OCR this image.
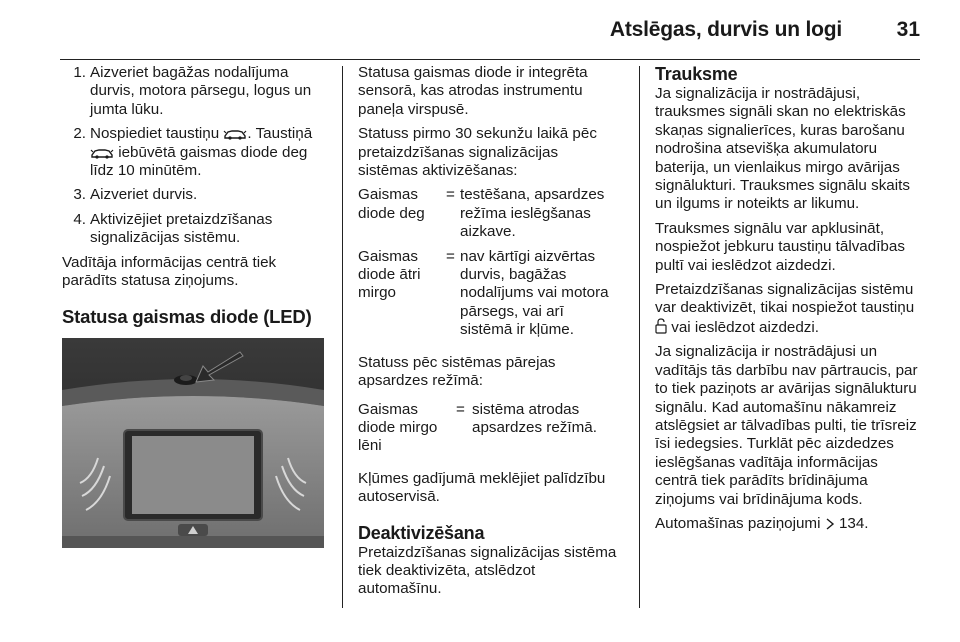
Atslēgas, durvis un logi	31
1. Aizveriet bagāžas nodalījuma durvis, motora pārsegu, logus un jumta lūku.
2. Nospiediet taustiņu . Taustiņā  iebūvētā gaismas diode deg līdz 10 minūtēm.
3. Aizveriet durvis.
4. Aktivizējiet pretaizdzīšanas signalizācijas sistēmu.

Vadītāja informācijas centrā tiek parādīts statusa ziņojums.

Statusa gaismas diode (LED)

Statusa gaismas diode ir integrēta sensorā, kas atrodas instrumentu paneļa virspusē.

Statuss pirmo 30 sekunžu laikā pēc pretaizdzīšanas signalizācijas sistēmas aktivizēšanas:

Gaismas diode deg
= testēšana, apsardzes režīma ieslēgšanas aizkave.
Gaismas diode ātri mirgo
= nav kārtīgi aizvērtas durvis, bagāžas nodalījums vai motora pārsegs, vai arī sistēmā ir kļūme.

Statuss pēc sistēmas pārejas apsardzes režīmā:

Gaismas diode mirgo lēni
= sistēma atrodas apsardzes režīmā.

Kļūmes gadījumā meklējiet palīdzību autoservisā.

Deaktivizēšana

Pretaizdzīšanas signalizācijas sistēma tiek deaktivizēta, atslēdzot automašīnu.

Trauksme

Ja signalizācija ir nostrādājusi, trauksmes signāli skan no elektriskās skaņas signalierīces, kuras barošanu nodrošina atsevišķa akumulatoru baterija, un vienlaikus mirgo avārijas signālukturi. Trauksmes signālu skaits un ilgums ir noteikts ar likumu.

Trauksmes signālu var apklusināt, nospiežot jebkuru taustiņu tālvadības pultī vai ieslēdzot aizdedzi.

Pretaizdzīšanas signalizācijas sistēmu var deaktivizēt, tikai nospiežot taustiņu  vai ieslēdzot aizdedzi.

Ja signalizācija ir nostrādājusi un vadītājs tās darbību nav pārtraucis, par to tiek paziņots ar avārijas signālukturu signālu. Kad automašīnu nākamreiz atslēgsiet ar tālvadības pulti, tie trīsreiz īsi iedegsies. Turklāt pēc aizdedzes ieslēgšanas vadītāja informācijas centrā tiek parādīts brīdinājuma ziņojums vai brīdinājuma kods.

Automašīnas paziņojumi 134.
